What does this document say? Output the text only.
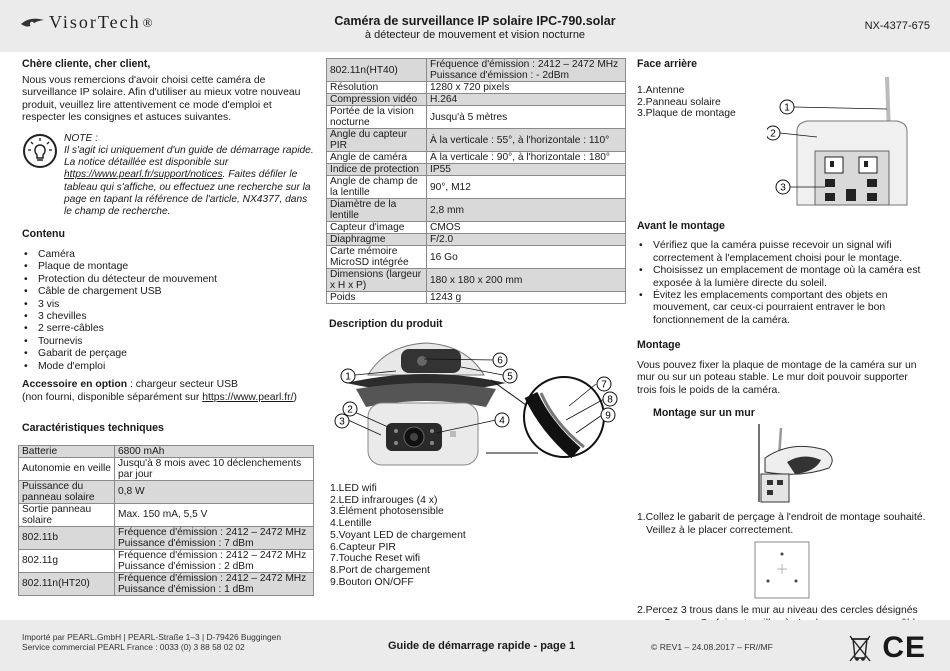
VisorTech ®	Caméra de surveillance IP solaire IPC-790.solar
à détecteur de mouvement et vision nocturne
NX-4377-675
Chère cliente, cher client,

Nous vous remercions d'avoir choisi cette caméra de surveillance IP solaire. Afin d'utiliser au mieux votre nouveau produit, veuillez lire attentivement ce mode d'emploi et respecter les consignes et astuces suivantes.

NOTE :
Il s'agit ici uniquement d'un guide de démarrage rapide. La notice détaillée est disponible sur https://www.pearl.fr/support/notices. Faites défiler le tableau qui s'affiche, ou effectuez une recherche sur la page en tapant la référence de l'article, NX4377, dans le champ de recherche.
Contenu
• Caméra
• Plaque de montage
• Protection du détecteur de mouvement
• Câble de chargement USB
• 3 vis
• 3 chevilles
• 2 serre-câbles
• Tournevis
• Gabarit de perçage
• Mode d'emploi

Accessoire en option : chargeur secteur USB

(non fourni, disponible séparément sur https://www.pearl.fr/)

Caractéristiques techniques
Batterie	6800 mAh
Autonomie en veille	Jusqu'à 8 mois avec 10 déclenchements par jour
Puissance du panneau solaire	0,8 W
Sortie panneau solaire	Max. 150 mA, 5,5 V
802.11b	Fréquence d'émission : 2412 – 2472 MHz Puissance d'émission : 7 dBm
802.11g	Fréquence d'émission : 2412 – 2472 MHz Puissance d'émission : 2 dBm
802.11n(HT20)	Fréquence d'émission : 2412 – 2472 MHz Puissance d'émission : 1 dBm
802.11n(HT40)	Fréquence d'émission : 2412 – 2472 MHz Puissance d'émission : - 2dBm
Résolution	1280 x 720 pixels
Compression vidéo	H.264
Portée de la vision nocturne	Jusqu'à 5 mètres
Angle du capteur PIR	À la verticale : 55°, à l'horizontale : 110°
Angle de caméra	À la verticale : 90°, à l'horizontale : 180°
Indice de protection	IP55
Angle de champ de la lentille	90°, M12
Diamètre de la lentille	2,8 mm
Capteur d'image	CMOS
Diaphragme	F/2.0
Carte mémoire MicroSD intégrée	16 Go
Dimensions (largeur x H x P)	180 x 180 x 200 mm
Poids	1243 g
Description du produit
1
2
3	4
5
6
7
8
9
1.LED wifi
2.LED infrarouges (4 x)
3.Élément photosensible
4.Lentille
5.Voyant LED de chargement
6.Capteur PIR
7.Touche Reset wifi
8.Port de chargement
9.Bouton ON/OFF
Face arrière
1.Antenne
2.Panneau solaire
3.Plaque de montage
1
2
3
Avant le montage
• Vérifiez que la caméra puisse recevoir un signal wifi correctement à l'emplacement choisi pour le montage.
• Choisissez un emplacement de montage où la caméra est exposée à la lumière directe du soleil.
• Évitez les emplacements comportant des objets en mouvement, car ceux-ci pourraient entraver le bon fonctionnement de la caméra.
Montage

Vous pouvez fixer la plaque de montage de la caméra sur un mur ou sur un poteau stable. Le mur doit pouvoir supporter trois fois le poids de la caméra.

Montage sur un mur

1.Collez le gabarit de perçage à l'endroit de montage souhaité. Veillez à le placer correctement.

2.Percez 3 trous dans le mur au niveau des cercles désignés

Importé par PEARL.GmbH | PEARL-Straße 1–3 | D-79426 Buggingen
Service commercial PEARL France : 0033 (0) 3 88 58 02 02	Guide de démarrage rapide - page 1	© REV1 – 24.08.2017 – FR//MF	CE
